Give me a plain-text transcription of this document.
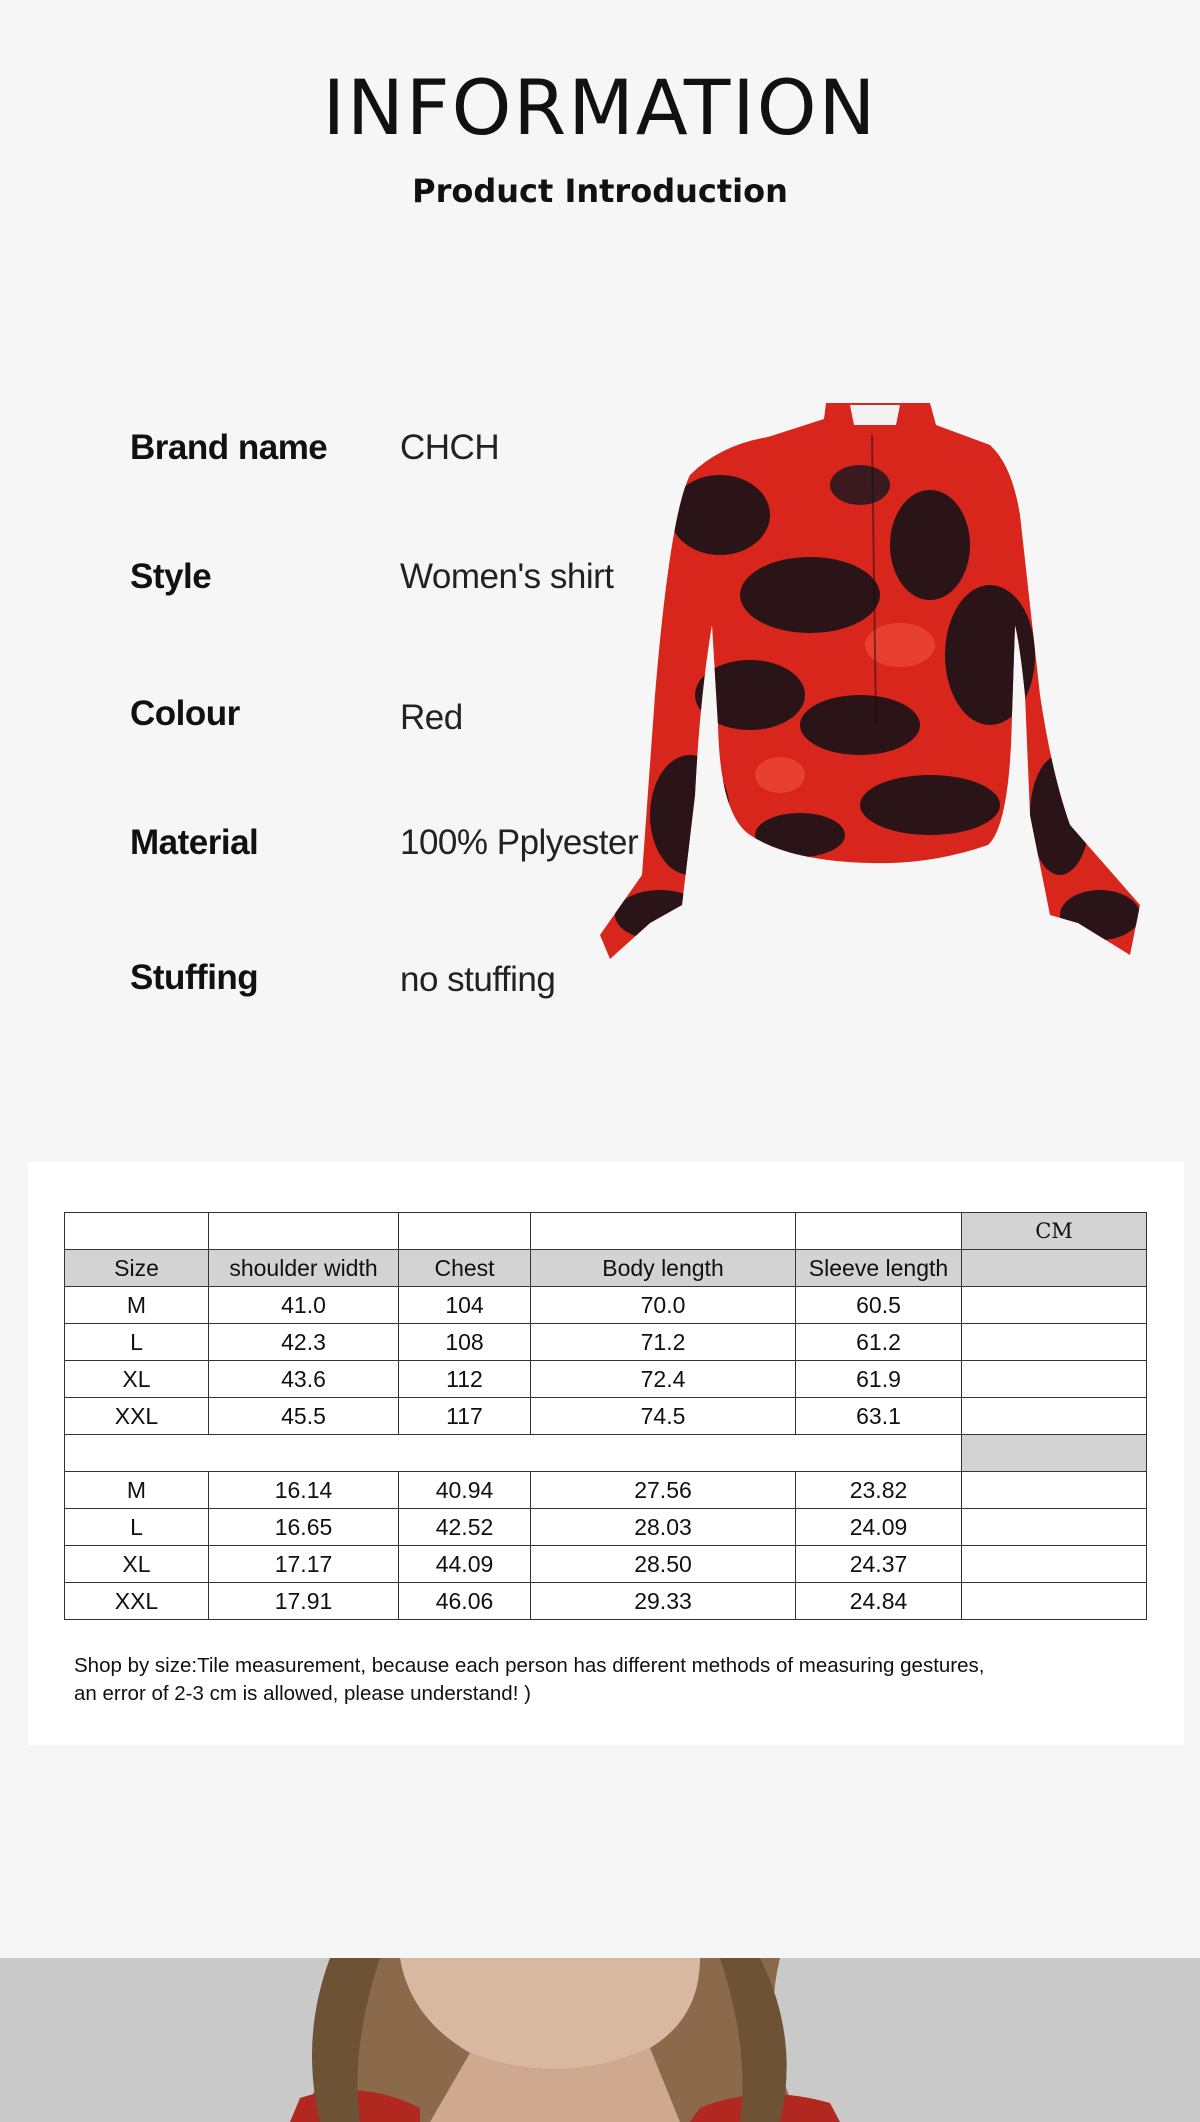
INFORMATION
Product Introduction
Brand name CHCH
Style	Women's shirt
Colour	Red
Material	100% Pplyester
Stuffing	no stuffing
					CM
Size	shoulder width	Chest	Body length	Sleeve length	
M	41.0	104	70.0	60.5	
L	42.3	108	71.2	61.2	
XL	43.6	112	72.4	61.9	
XXL	45.5	117	74.5	63.1	

M	16.14	40.94	27.56	23.82	
L	16.65	42.52	28.03	24.09	
XL	17.17	44.09	28.50	24.37	
XXL	17.91	46.06	29.33	24.84	
Shop by size:Tile measurement, because each person has different methods of measuring gestures,
an error of 2-3 cm is allowed, please understand! )
